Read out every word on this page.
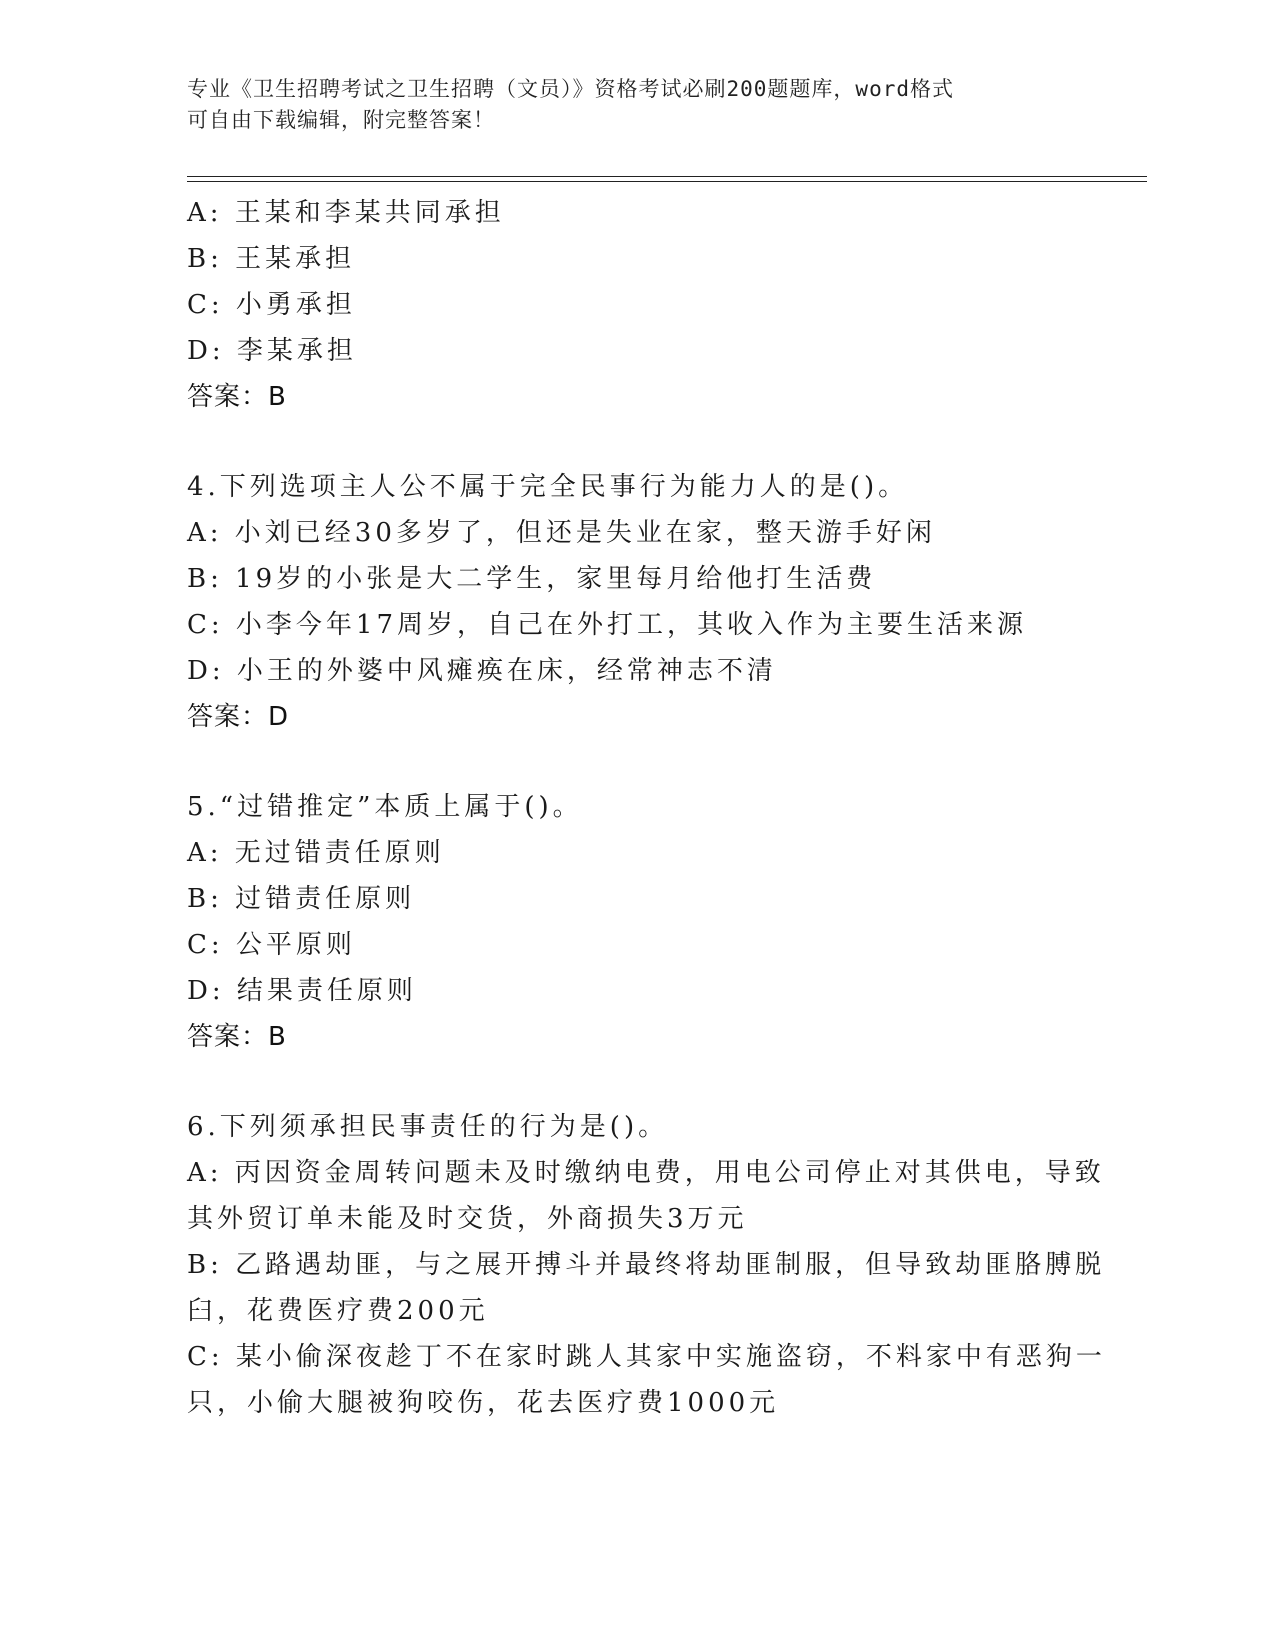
专业《卫生招聘考试之卫生招聘（文员）》资格考试必刷200题题库，word格式
可自由下载编辑，附完整答案！
A: 王某和李某共同承担
B: 王某承担
C: 小勇承担
D: 李某承担
答案：B
4.下列选项主人公不属于完全民事行为能力人的是()。
A: 小刘已经30多岁了，但还是失业在家，整天游手好闲
B: 19岁的小张是大二学生，家里每月给他打生活费
C: 小李今年17周岁，自己在外打工，其收入作为主要生活来源
D: 小王的外婆中风瘫痪在床，经常神志不清
答案：D
5.“过错推定”本质上属于()。
A: 无过错责任原则
B: 过错责任原则
C: 公平原则
D: 结果责任原则
答案：B
6.下列须承担民事责任的行为是()。
A: 丙因资金周转问题未及时缴纳电费，用电公司停止对其供电，导致
其外贸订单未能及时交货，外商损失3万元
B: 乙路遇劫匪，与之展开搏斗并最终将劫匪制服，但导致劫匪胳膊脱
臼，花费医疗费200元
C: 某小偷深夜趁丁不在家时跳人其家中实施盗窃，不料家中有恶狗一
只，小偷大腿被狗咬伤，花去医疗费1000元
